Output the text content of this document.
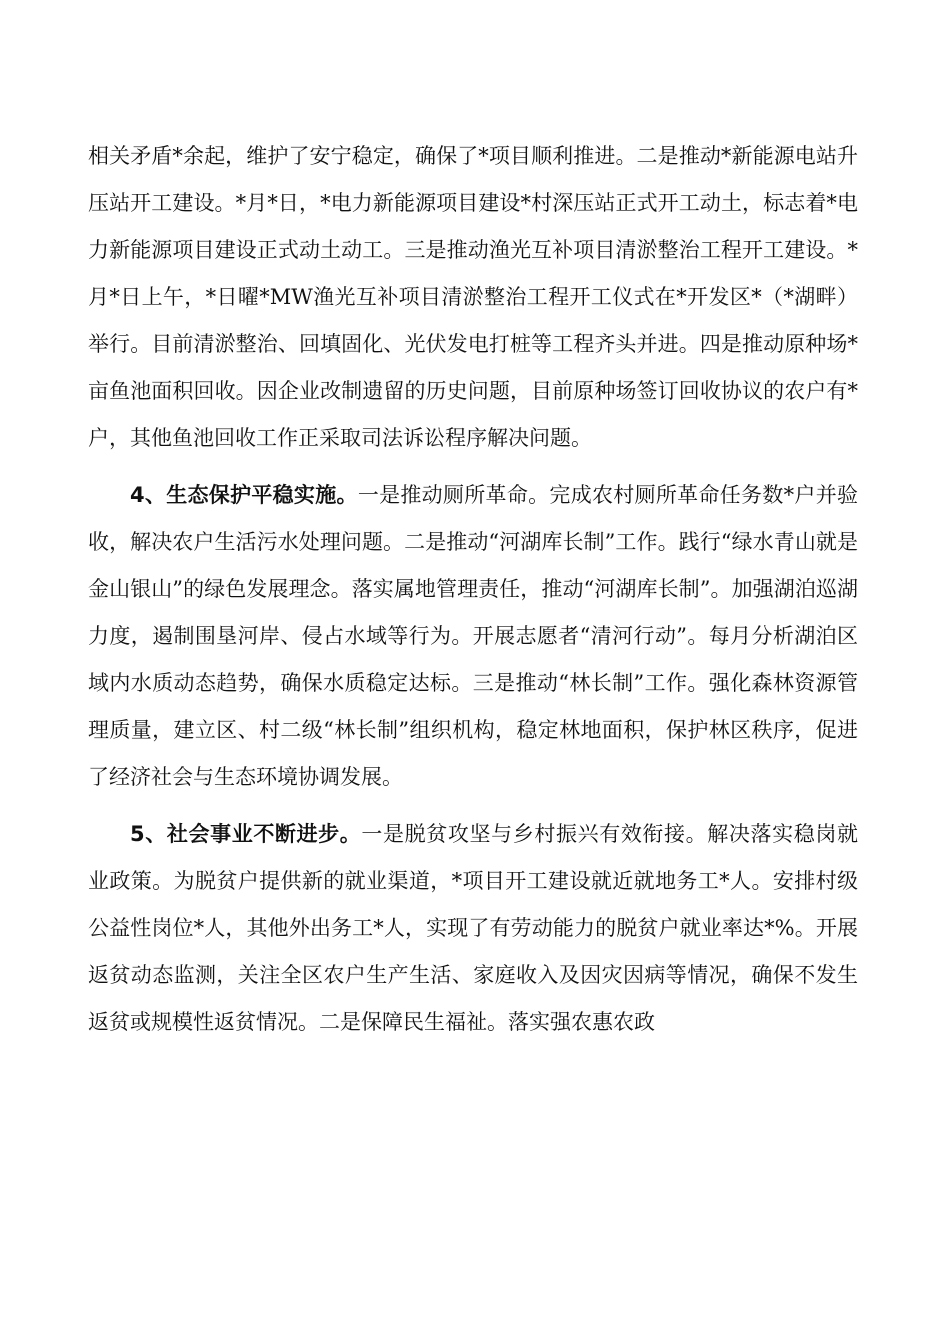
相关矛盾*余起，维护了安宁稳定，确保了*项目顺利推进。二是推动*新能源电站升压站开工建设。*月*日，*电力新能源项目建设*村深压站正式开工动土，标志着*电力新能源项目建设正式动土动工。三是推动渔光互补项目清淤整治工程开工建设。*月*日上午，*日曜*MW渔光互补项目清淤整治工程开工仪式在*开发区*（*湖畔）举行。目前清淤整治、回填固化、光伏发电打桩等工程齐头并进。四是推动原种场*亩鱼池面积回收。因企业改制遗留的历史问题，目前原种场签订回收协议的农户有*户，其他鱼池回收工作正采取司法诉讼程序解决问题。

4、生态保护平稳实施。一是推动厕所革命。完成农村厕所革命任务数*户并验收，解决农户生活污水处理问题。二是推动“河湖库长制”工作。践行“绿水青山就是金山银山”的绿色发展理念。落实属地管理责任，推动“河湖库长制”。加强湖泊巡湖力度，遏制围垦河岸、侵占水域等行为。开展志愿者“清河行动”。每月分析湖泊区域内水质动态趋势，确保水质稳定达标。三是推动“林长制”工作。强化森林资源管理质量，建立区、村二级“林长制”组织机构，稳定林地面积，保护林区秩序，促进了经济社会与生态环境协调发展。

5、社会事业不断进步。一是脱贫攻坚与乡村振兴有效衔接。解决落实稳岗就业政策。为脱贫户提供新的就业渠道，*项目开工建设就近就地务工*人。安排村级公益性岗位*人，其他外出务工*人，实现了有劳动能力的脱贫户就业率达*%。开展返贫动态监测，关注全区农户生产生活、家庭收入及因灾因病等情况，确保不发生返贫或规模性返贫情况。二是保障民生福祉。落实强农惠农政
